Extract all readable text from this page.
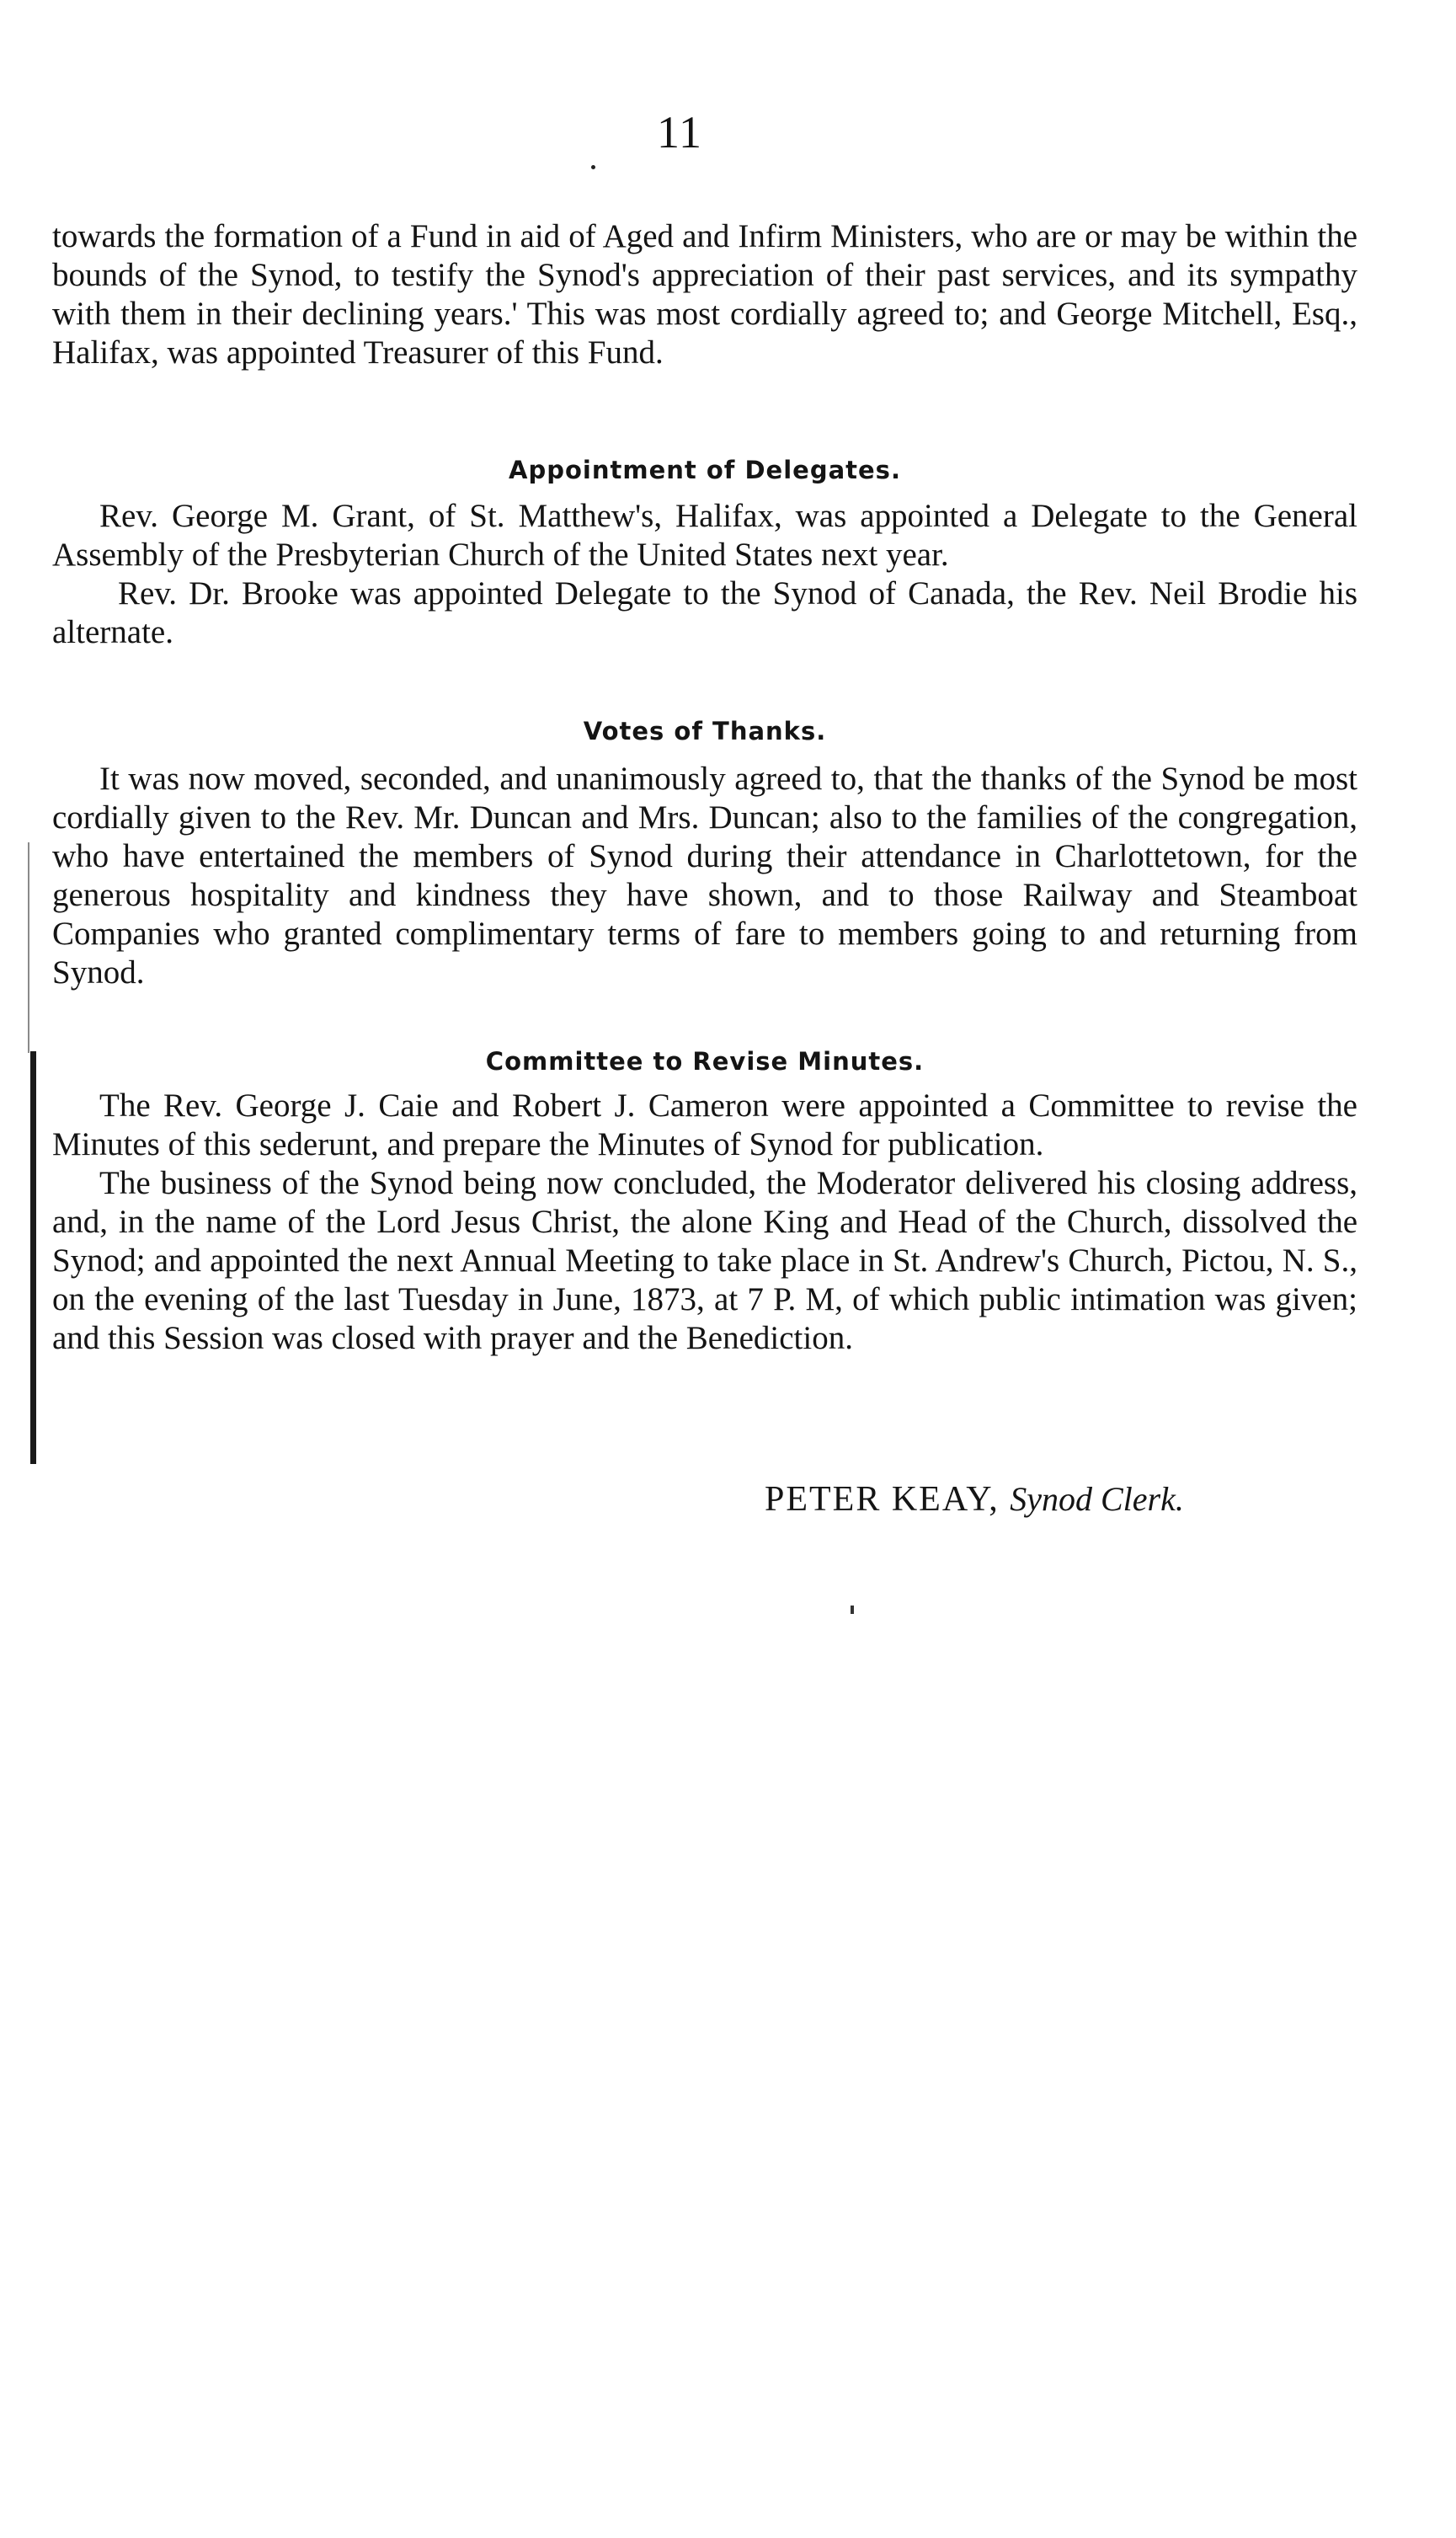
11

towards the formation of a Fund in aid of Aged and Infirm Ministers, who are or may be within the bounds of the Synod, to testify the Synod's appreciation of their past services, and its sympathy with them in their declining years.' This was most cordially agreed to; and George Mitchell, Esq., Halifax, was appointed Treasurer of this Fund.

Appointment of Delegates.

Rev. George M. Grant, of St. Matthew's, Halifax, was appointed a Delegate to the General Assembly of the Presbyterian Church of the United States next year.

Rev. Dr. Brooke was appointed Delegate to the Synod of Canada, the Rev. Neil Brodie his alternate.

Votes of Thanks.

It was now moved, seconded, and unanimously agreed to, that the thanks of the Synod be most cordially given to the Rev. Mr. Duncan and Mrs. Duncan; also to the families of the congregation, who have entertained the members of Synod during their attendance in Charlottetown, for the generous hospitality and kindness they have shown, and to those Railway and Steamboat Companies who granted complimentary terms of fare to members going to and returning from Synod.

Committee to Revise Minutes.

The Rev. George J. Caie and Robert J. Cameron were appointed a Committee to revise the Minutes of this sederunt, and prepare the Minutes of Synod for publication.

The business of the Synod being now concluded, the Moderator delivered his closing address, and, in the name of the Lord Jesus Christ, the alone King and Head of the Church, dissolved the Synod; and appointed the next Annual Meeting to take place in St. Andrew's Church, Pictou, N. S., on the evening of the last Tuesday in June, 1873, at 7 P. M, of which public intimation was given; and this Session was closed with prayer and the Benediction.

PETER KEAY, Synod Clerk.
